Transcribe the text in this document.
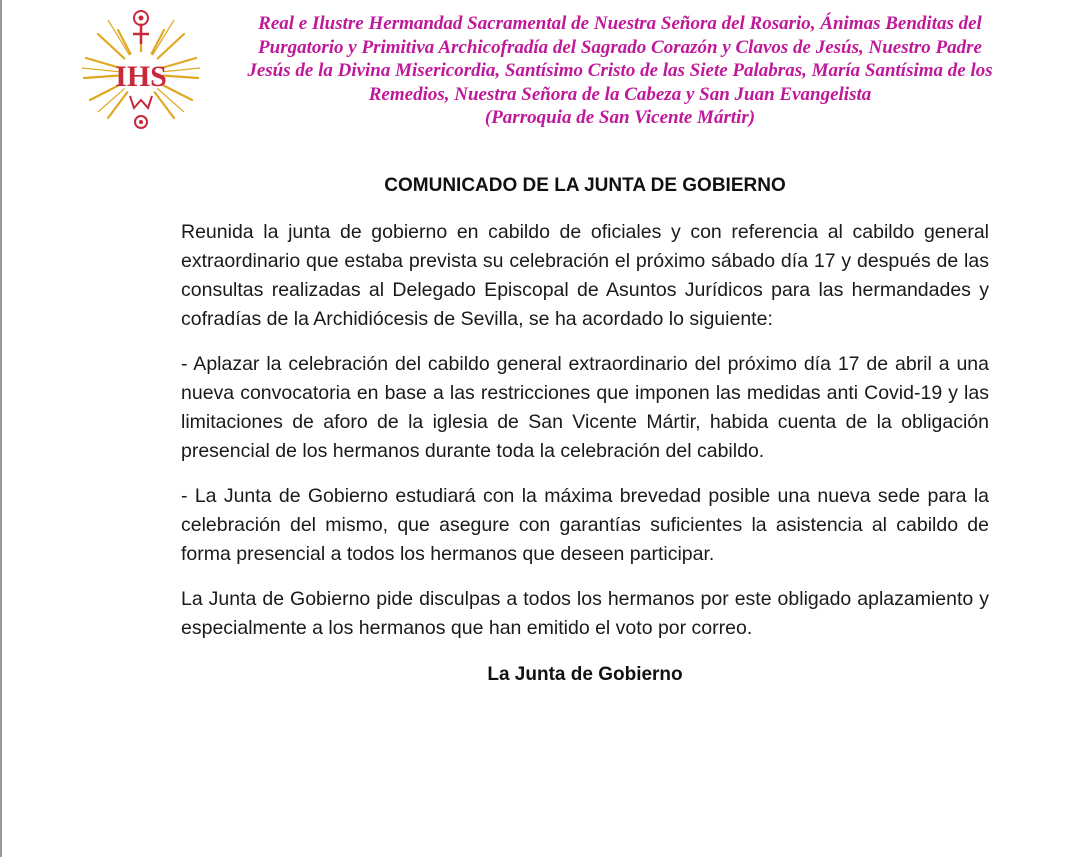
IHS
Real e Ilustre Hermandad Sacramental de Nuestra Señora del Rosario, Ánimas Benditas del
Purgatorio y Primitiva Archicofradía del Sagrado Corazón y Clavos de Jesús, Nuestro Padre
Jesús de la Divina Misericordia, Santísimo Cristo de las Siete Palabras, María Santísima de los
Remedios, Nuestra Señora de la Cabeza y San Juan Evangelista
(Parroquia de San Vicente Mártir)
COMUNICADO DE LA JUNTA DE GOBIERNO

Reunida la junta de gobierno en cabildo de oficiales y con referencia al cabildo general extraordinario que estaba prevista su celebración el próximo sábado día 17 y después de las consultas realizadas al Delegado Episcopal de Asuntos Jurídicos para las hermandades y cofradías de la Archidiócesis de Sevilla, se ha acordado lo siguiente:

- Aplazar la celebración del cabildo general extraordinario del próximo día 17 de abril a una nueva convocatoria en base a las restricciones que imponen las medidas anti Covid-19 y las limitaciones de aforo de la iglesia de San Vicente Mártir, habida cuenta de la obligación presencial de los hermanos durante toda la celebración del cabildo.

- La Junta de Gobierno estudiará con la máxima brevedad posible una nueva sede para la celebración del mismo, que asegure con garantías suficientes la asistencia al cabildo de forma presencial a todos los hermanos que deseen participar.

La Junta de Gobierno pide disculpas a todos los hermanos por este obligado aplazamiento y especialmente a los hermanos que han emitido el voto por correo.

La Junta de Gobierno
